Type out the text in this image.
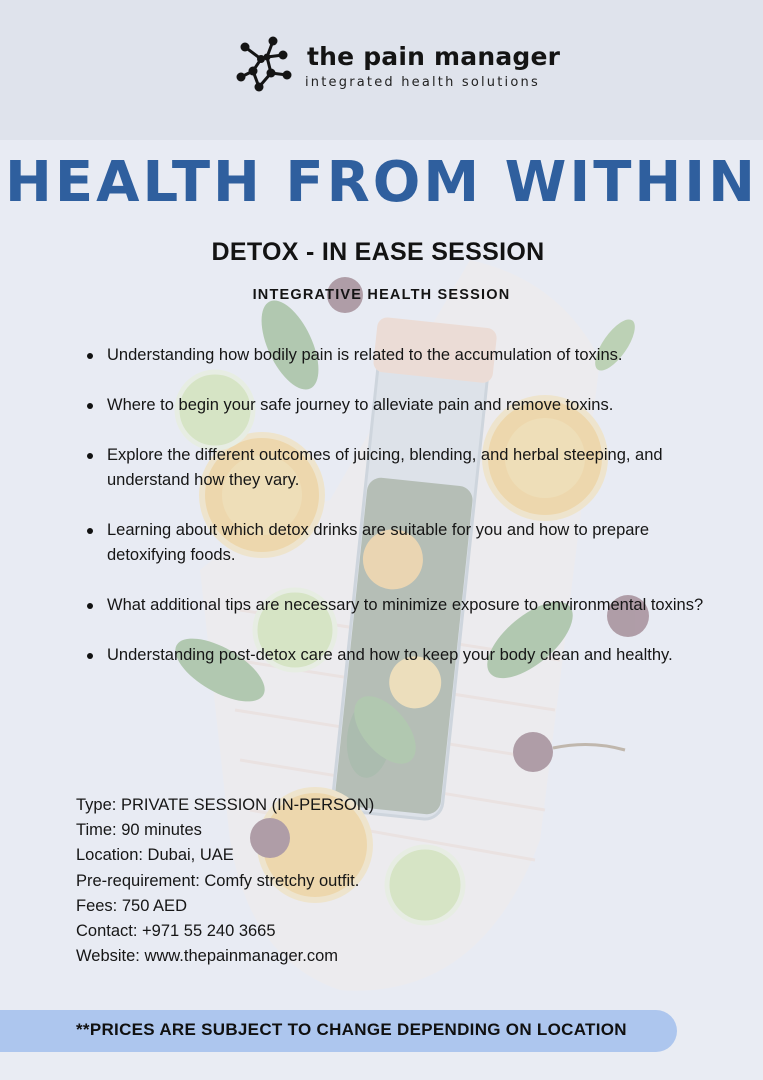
the pain manager
integrated health solutions
HEALTH FROM WITHIN
DETOX - IN EASE SESSION
INTEGRATIVE HEALTH SESSION
Understanding how bodily pain is related to the accumulation of toxins.
Where to begin your safe journey to alleviate pain and remove toxins.
Explore the different outcomes of juicing, blending, and herbal steeping, and understand how they vary.
Learning about which detox drinks are suitable for you and how to prepare detoxifying foods.
What additional tips are necessary to minimize exposure to environmental toxins?
Understanding post-detox care and how to keep your body clean and healthy.
Type: PRIVATE SESSION (IN-PERSON)
Time: 90 minutes
Location: Dubai, UAE
Pre-requirement: Comfy stretchy outfit.
Fees: 750 AED
Contact: +971 55 240 3665
Website: www.thepainmanager.com
**PRICES ARE SUBJECT TO CHANGE DEPENDING ON LOCATION
